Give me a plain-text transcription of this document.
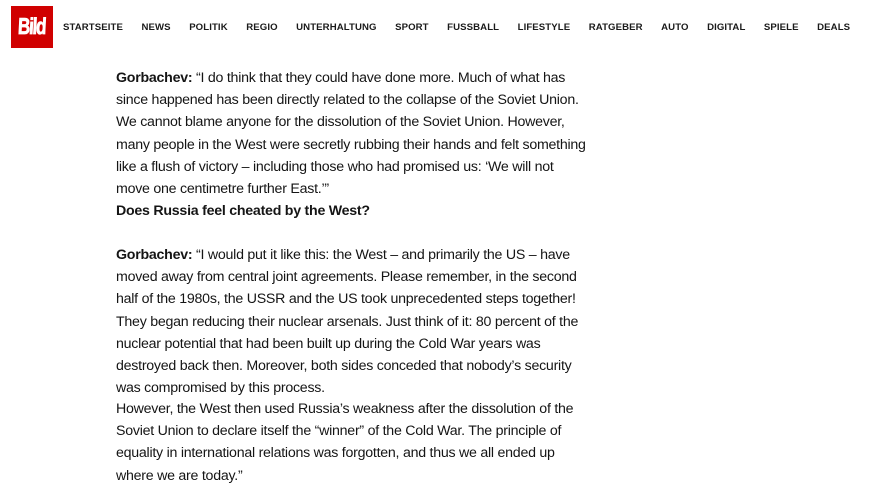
Bild STARTSEITE NEWS POLITIK REGIO UNTERHALTUNG SPORT FUSSBALL LIFESTYLE RATGEBER AUTO DIGITAL SPIELE DEALS

Gorbachev: “I do think that they could have done more. Much of what has since happened has been directly related to the collapse of the Soviet Union. We cannot blame anyone for the dissolution of the Soviet Union. However, many people in the West were secretly rubbing their hands and felt something like a flush of victory – including those who had promised us: ‘We will not move one centimetre further East.’”

Does Russia feel cheated by the West?

Gorbachev: “I would put it like this: the West – and primarily the US – have moved away from central joint agreements. Please remember, in the second half of the 1980s, the USSR and the US took unprecedented steps together! They began reducing their nuclear arsenals. Just think of it: 80 percent of the nuclear potential that had been built up during the Cold War years was destroyed back then. Moreover, both sides conceded that nobody’s security was compromised by this process.

However, the West then used Russia’s weakness after the dissolution of the Soviet Union to declare itself the “winner” of the Cold War. The principle of equality in international relations was forgotten, and thus we all ended up where we are today.”
